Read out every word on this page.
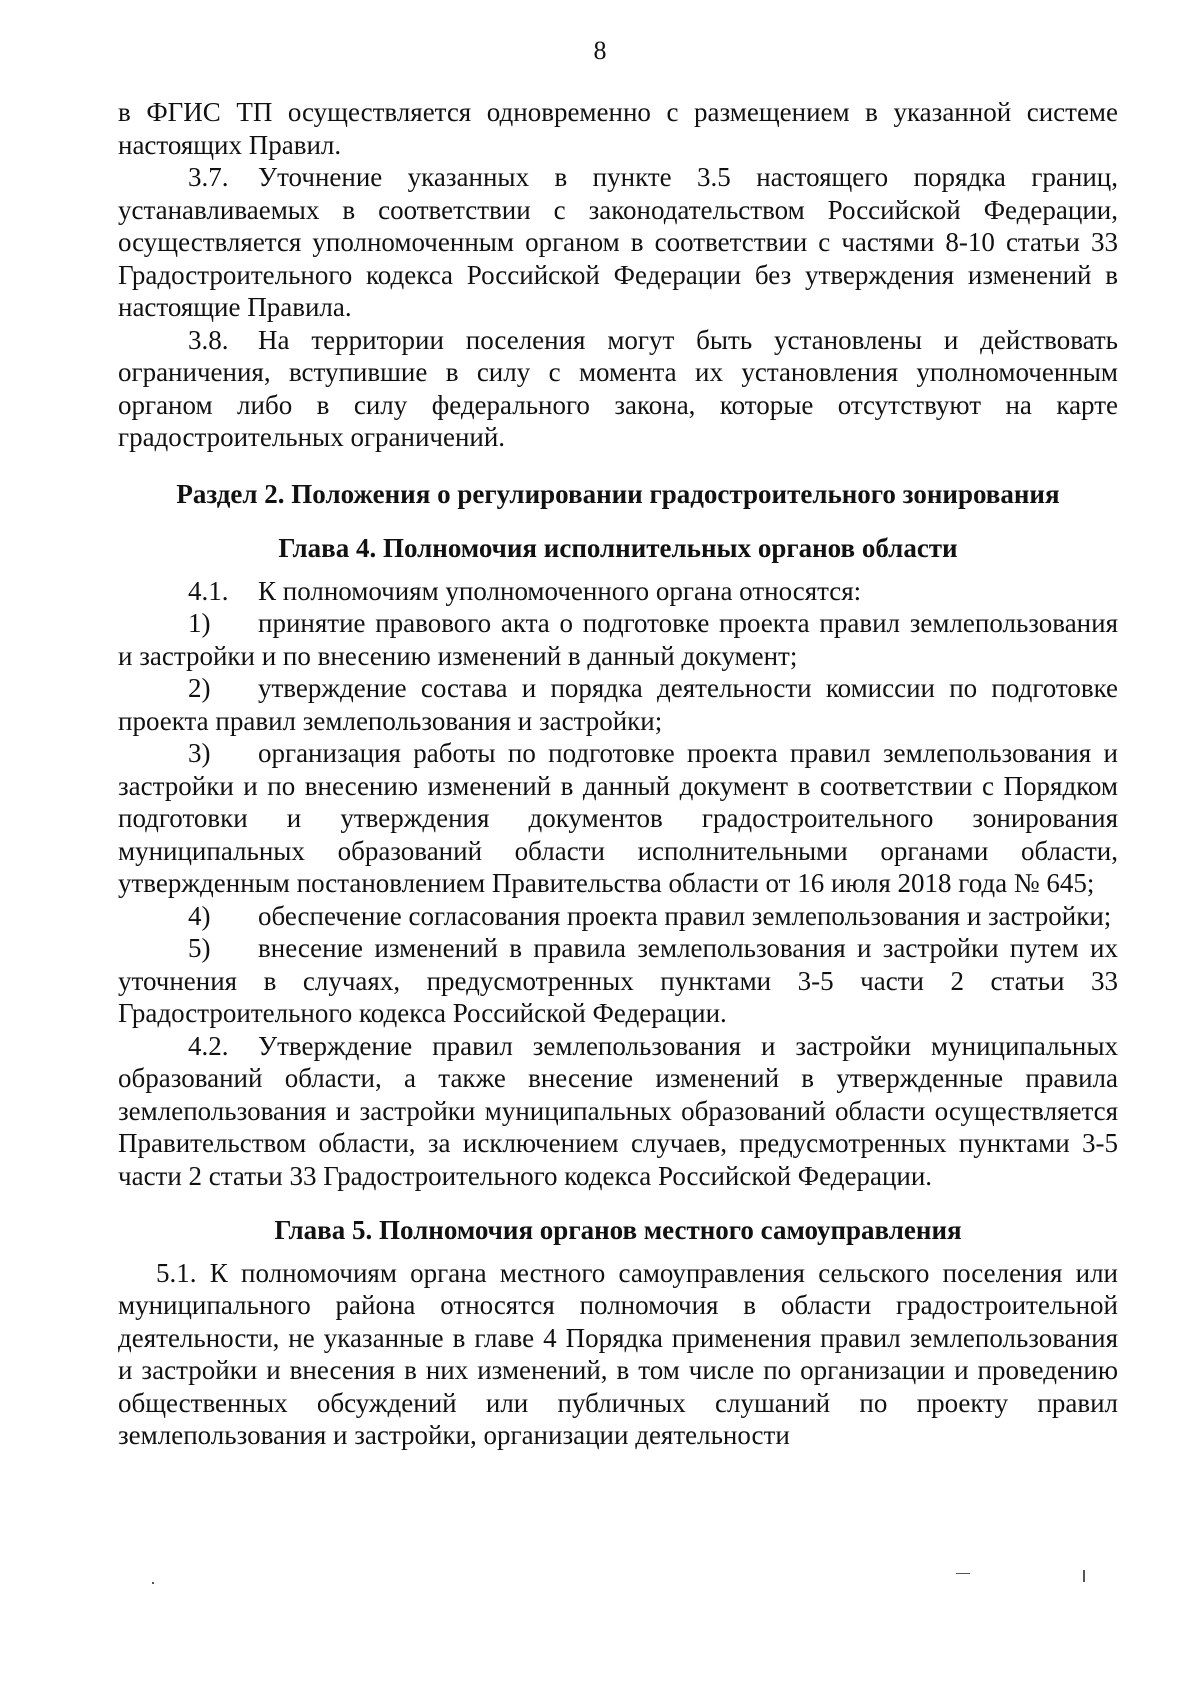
8

в ФГИС ТП осуществляется одновременно с размещением в указанной системе настоящих Правил.

3.7. Уточнение указанных в пункте 3.5 настоящего порядка границ, устанавливаемых в соответствии с законодательством Российской Федерации, осуществляется уполномоченным органом в соответствии с частями 8-10 статьи 33 Градостроительного кодекса Российской Федерации без утверждения изменений в настоящие Правила.

3.8. На территории поселения могут быть установлены и действовать ограничения, вступившие в силу с момента их установления уполномоченным органом либо в силу федерального закона, которые отсутствуют на карте градостроительных ограничений.

Раздел 2. Положения о регулировании градостроительного зонирования
Глава 4. Полномочия исполнительных органов области

4.1. К полномочиям уполномоченного органа относятся:

1) принятие правового акта о подготовке проекта правил землепользования и застройки и по внесению изменений в данный документ;

2) утверждение состава и порядка деятельности комиссии по подготовке проекта правил землепользования и застройки;

3) организация работы по подготовке проекта правил землепользования и застройки и по внесению изменений в данный документ в соответствии с Порядком подготовки и утверждения документов градостроительного зонирования муниципальных образований области исполнительными органами области, утвержденным постановлением Правительства области от 16 июля 2018 года № 645;

4) обеспечение согласования проекта правил землепользования и застройки;

5) внесение изменений в правила землепользования и застройки путем их уточнения в случаях, предусмотренных пунктами 3-5 части 2 статьи 33 Градостроительного кодекса Российской Федерации.

4.2. Утверждение правил землепользования и застройки муниципальных образований области, а также внесение изменений в утвержденные правила землепользования и застройки муниципальных образований области осуществляется Правительством области, за исключением случаев, предусмотренных пунктами 3-5 части 2 статьи 33 Градостроительного кодекса Российской Федерации.

Глава 5. Полномочия органов местного самоуправления

5.1. К полномочиям органа местного самоуправления сельского поселения или муниципального района относятся полномочия в области градостроительной деятельности, не указанные в главе 4 Порядка применения правил землепользования и застройки и внесения в них изменений, в том числе по организации и проведению общественных обсуждений или публичных слушаний по проекту правил землепользования и застройки, организации деятельности
